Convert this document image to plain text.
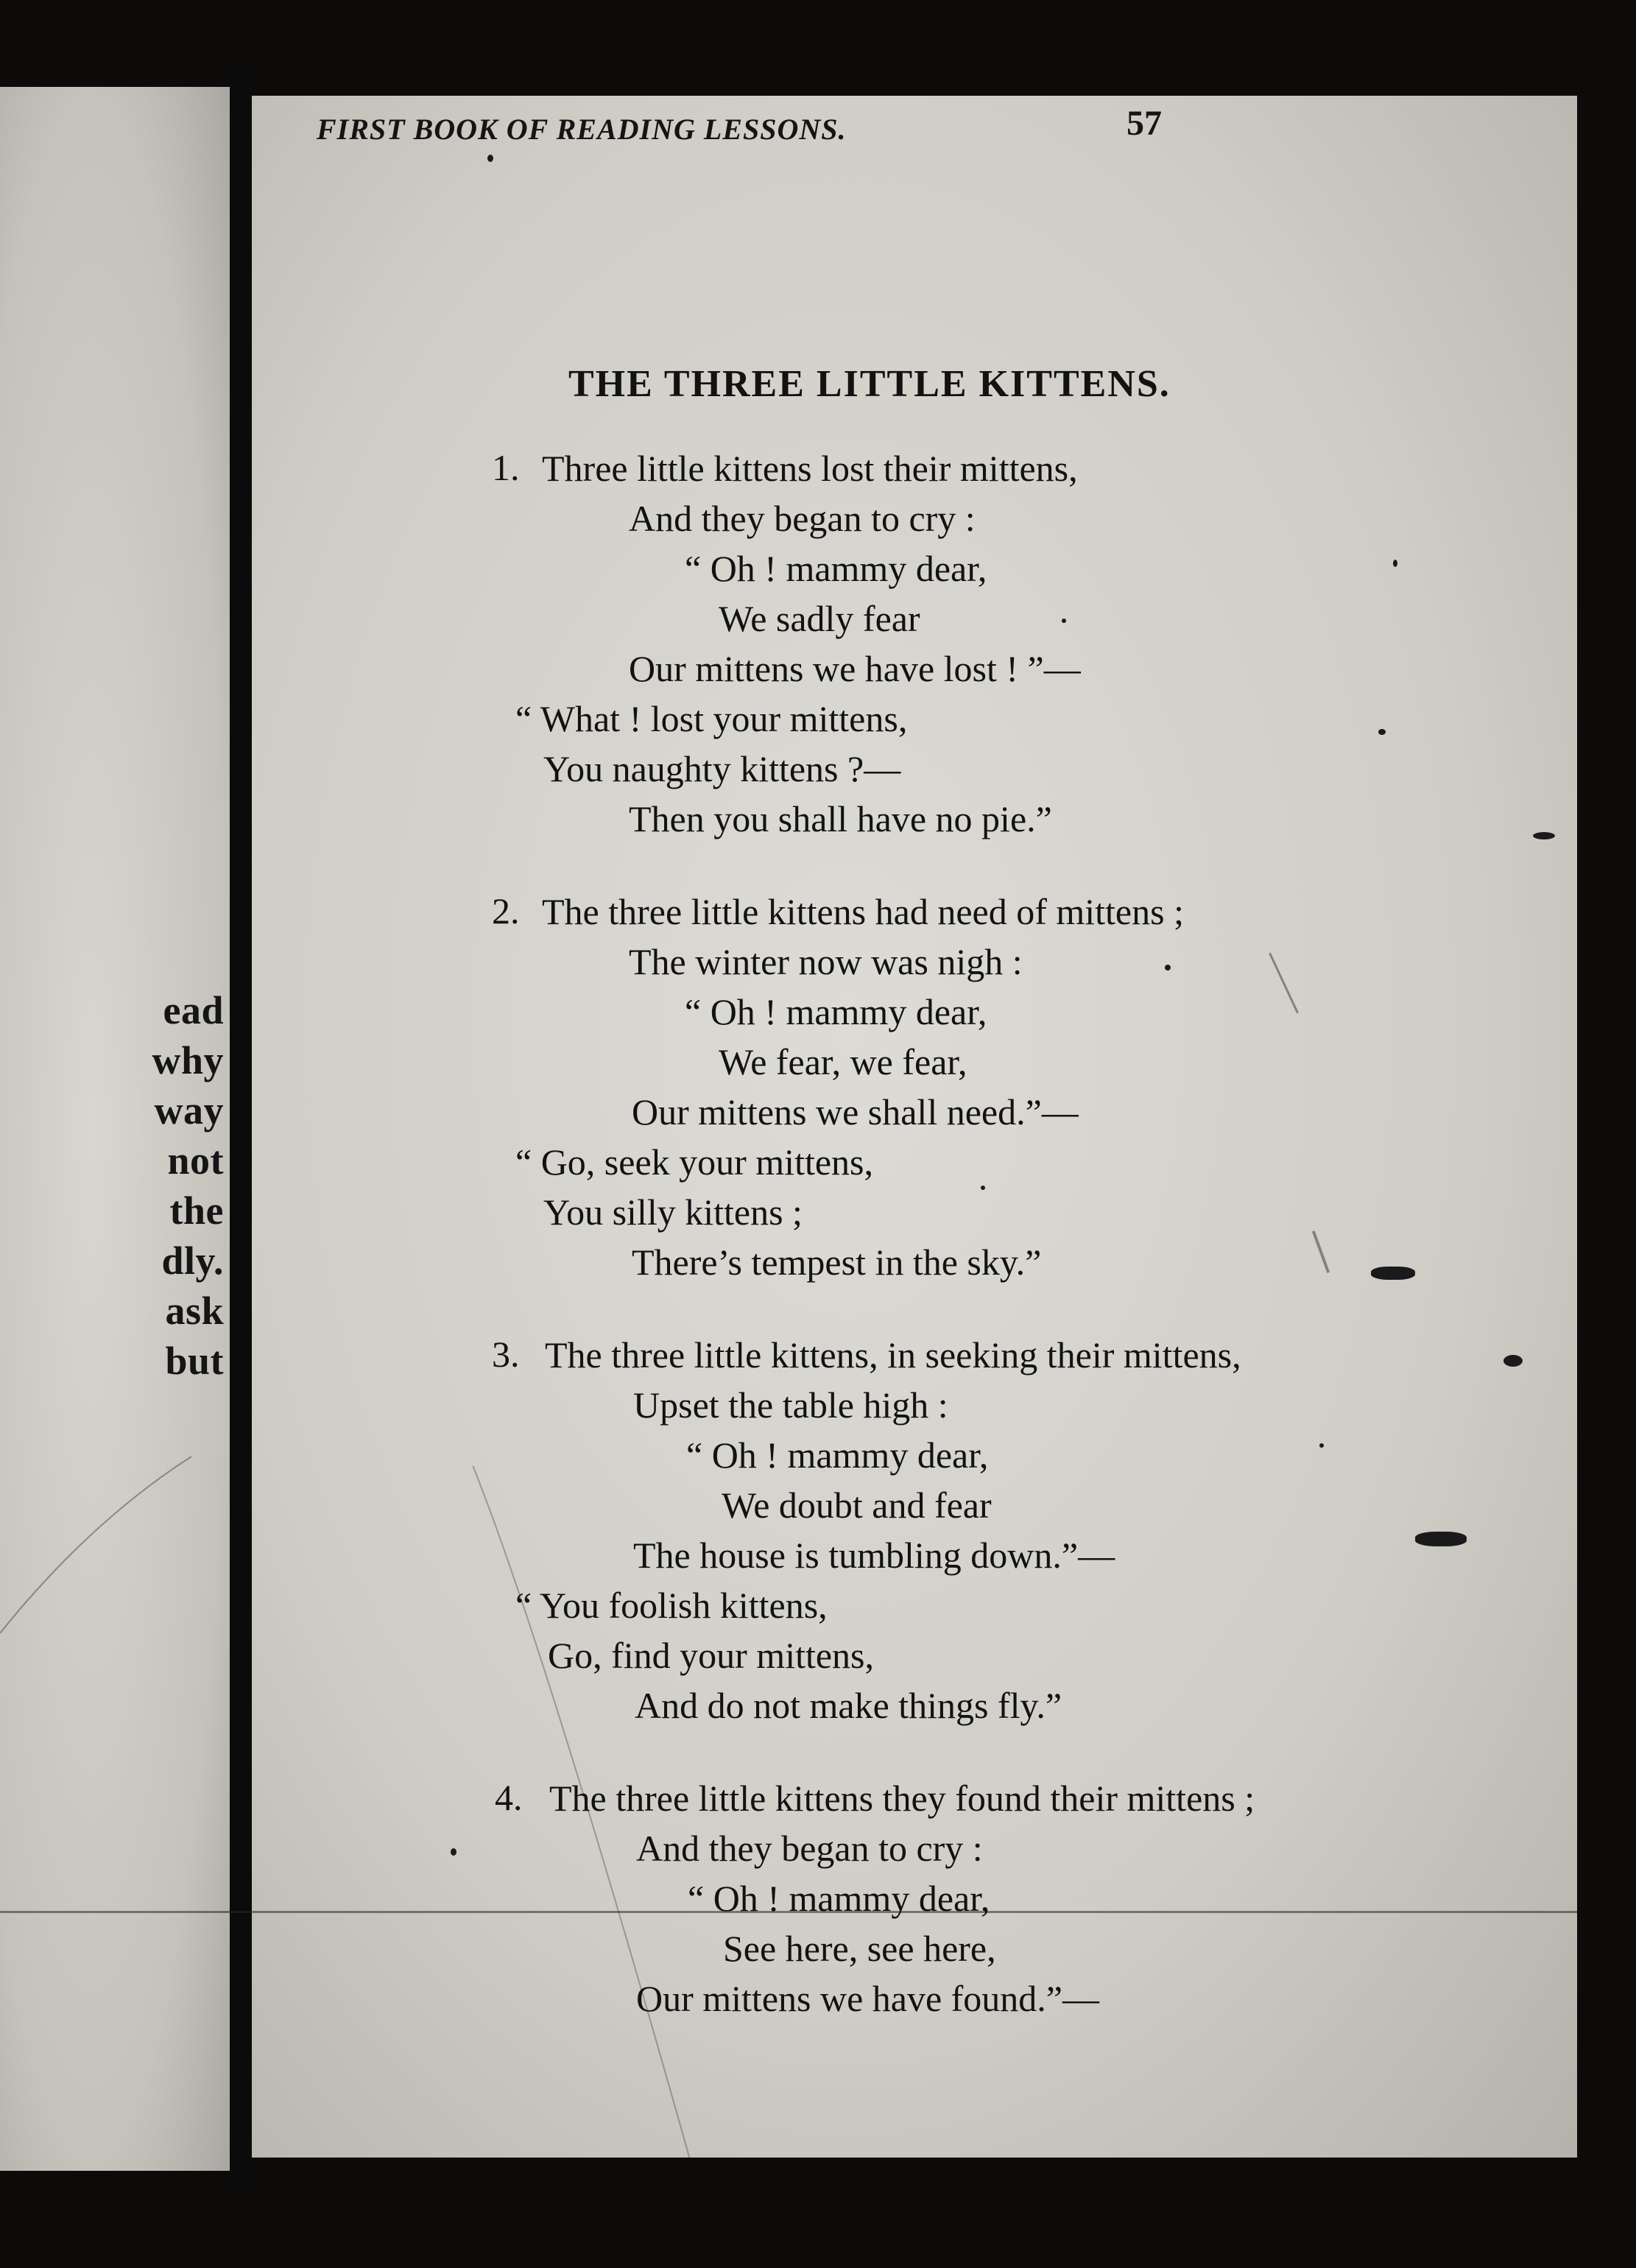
ead
why
way
not
the
dly.
ask
but
FIRST BOOK OF READING LESSONS.	57
THE THREE LITTLE KITTENS.
1. Three little kittens lost their mittens,
And they began to cry :
“ Oh ! mammy dear,
We sadly fear
Our mittens we have lost ! ”—
“ What ! lost your mittens,
You naughty kittens ?—
Then you shall have no pie.”
2. The three little kittens had need of mittens ;
The winter now was nigh :
“ Oh ! mammy dear,
We fear, we fear,
Our mittens we shall need.”—
“ Go, seek your mittens,
You silly kittens ;
There’s tempest in the sky.”
3. The three little kittens, in seeking their mittens,
Upset the table high :
“ Oh ! mammy dear,
We doubt and fear
The house is tumbling down.”—
“ You foolish kittens,
Go, find your mittens,
And do not make things fly.”
4. The three little kittens they found their mittens ;
And they began to cry :
“ Oh ! mammy dear,
See here, see here,
Our mittens we have found.”—
